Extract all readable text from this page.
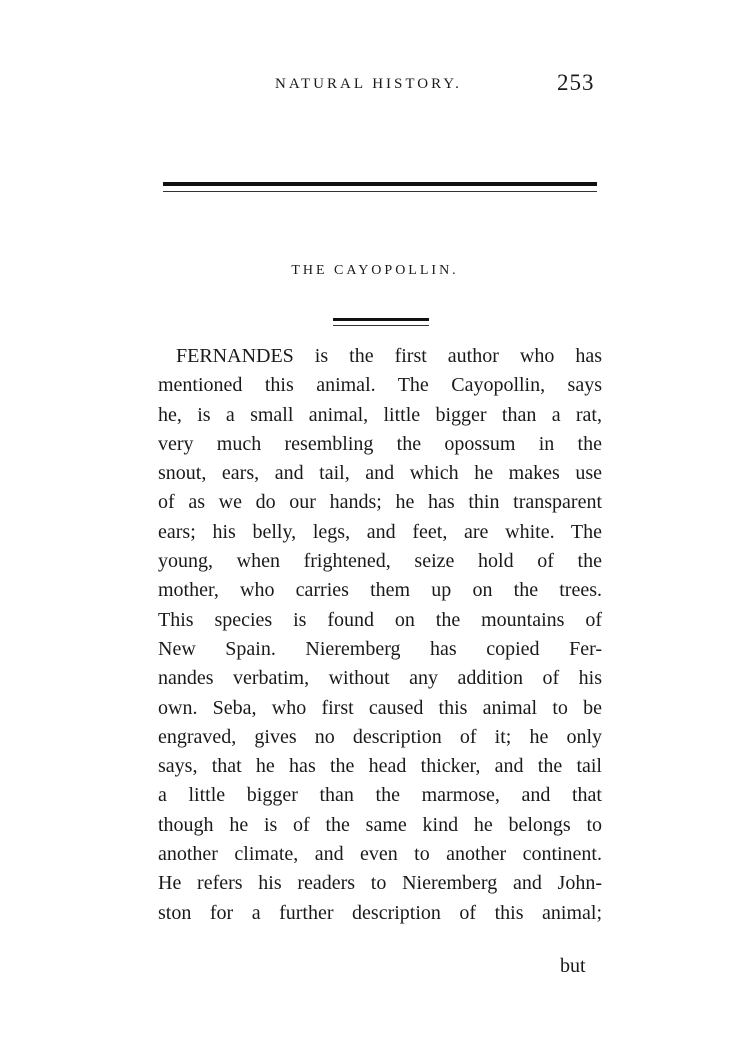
NATURAL HISTORY.	253
THE CAYOPOLLIN.
FERNANDES is the first author who has
mentioned this animal. The Cayopollin, says
he, is a small animal, little bigger than a rat,
very much resembling the opossum in the
snout, ears, and tail, and which he makes use
of as we do our hands; he has thin transparent
ears; his belly, legs, and feet, are white. The
young, when frightened, seize hold of the
mother, who carries them up on the trees.
This species is found on the mountains of
New Spain. Nieremberg has copied Fer-
nandes verbatim, without any addition of his
own. Seba, who first caused this animal to be
engraved, gives no description of it; he only
says, that he has the head thicker, and the tail
a little bigger than the marmose, and that
though he is of the same kind he belongs to
another climate, and even to another continent.
He refers his readers to Nieremberg and John-
ston for a further description of this animal;
but
